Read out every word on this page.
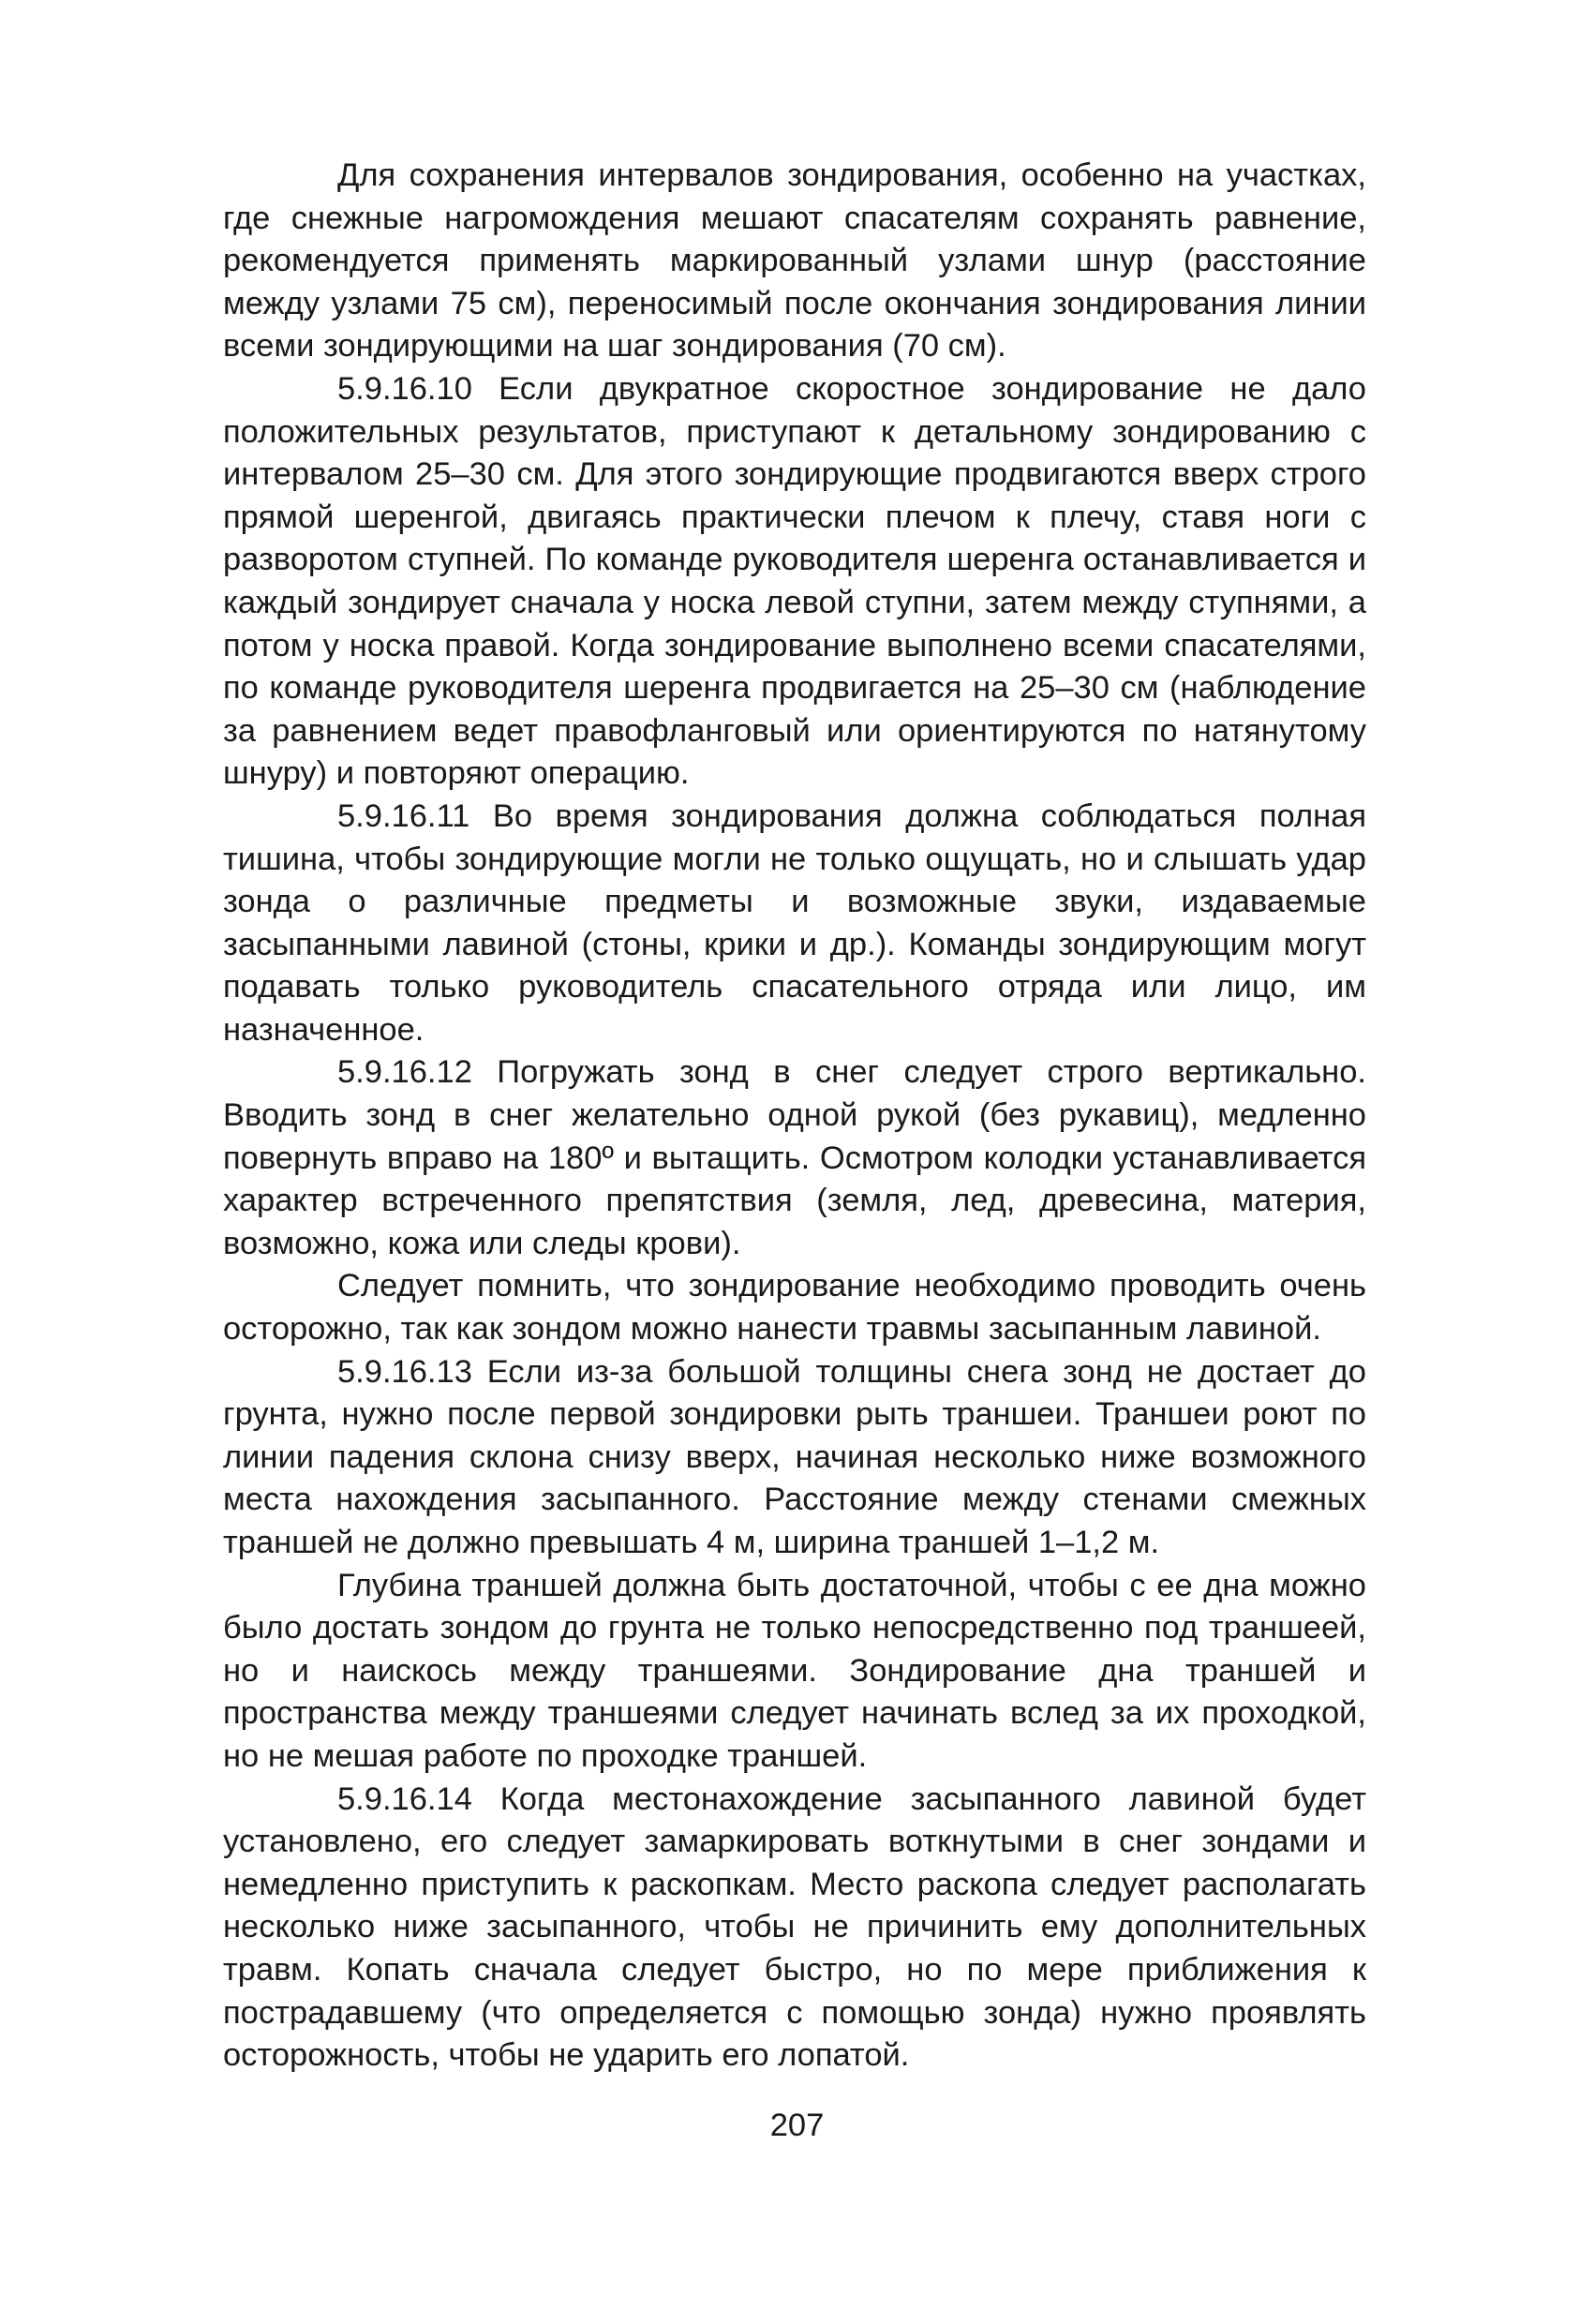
Для сохранения интервалов зондирования, особенно на участках, где снежные нагромождения мешают спасателям сохранять равнение, рекомендуется применять маркированный узлами шнур (расстояние между узлами 75 см), переносимый после окончания зондирования линии всеми зондирующими на шаг зондирования (70 см).

5.9.16.10 Если двукратное скоростное зондирование не дало положительных результатов, приступают к детальному зондированию с интервалом 25–30 см. Для этого зондирующие продвигаются вверх строго прямой шеренгой, двигаясь практически плечом к плечу, ставя ноги с разворотом ступней. По команде руководителя шеренга останавливается и каждый зондирует сначала у носка левой ступни, затем между ступнями, а потом у носка правой. Когда зондирование выполнено всеми спасателями, по команде руководителя шеренга продвигается на 25–30 см (наблюдение за равнением ведет правофланговый или ориентируются по натянутому шнуру) и повторяют операцию.

5.9.16.11 Во время зондирования должна соблюдаться полная тишина, чтобы зондирующие могли не только ощущать, но и слышать удар зонда о различные предметы и возможные звуки, издаваемые засыпанными лавиной (стоны, крики и др.). Команды зондирующим могут подавать только руководитель спасательного отряда или лицо, им назначенное.

5.9.16.12 Погружать зонд в снег следует строго вертикально. Вводить зонд в снег желательно одной рукой (без рукавиц), медленно повернуть вправо на 180º и вытащить. Осмотром колодки устанавливается характер встреченного препятствия (земля, лед, древесина, материя, возможно, кожа или следы крови).

Следует помнить, что зондирование необходимо проводить очень осторожно, так как зондом можно нанести травмы засыпанным лавиной.

5.9.16.13 Если из-за большой толщины снега зонд не достает до грунта, нужно после первой зондировки рыть траншеи. Траншеи роют по линии падения склона снизу вверх, начиная несколько ниже возможного места нахождения засыпанного. Расстояние между стенами смежных траншей не должно превышать 4 м, ширина траншей 1–1,2 м.

Глубина траншей должна быть достаточной, чтобы с ее дна можно было достать зондом до грунта не только непосредственно под траншеей, но и наискось между траншеями. Зондирование дна траншей и пространства между траншеями следует начинать вслед за их проходкой, но не мешая работе по проходке траншей.

5.9.16.14 Когда местонахождение засыпанного лавиной будет установлено, его следует замаркировать воткнутыми в снег зондами и немедленно приступить к раскопкам. Место раскопа следует располагать несколько ниже засыпанного, чтобы не причинить ему дополнительных травм. Копать сначала следует быстро, но по мере приближения к пострадавшему (что определяется с помощью зонда) нужно проявлять осторожность, чтобы не ударить его лопатой.

207
